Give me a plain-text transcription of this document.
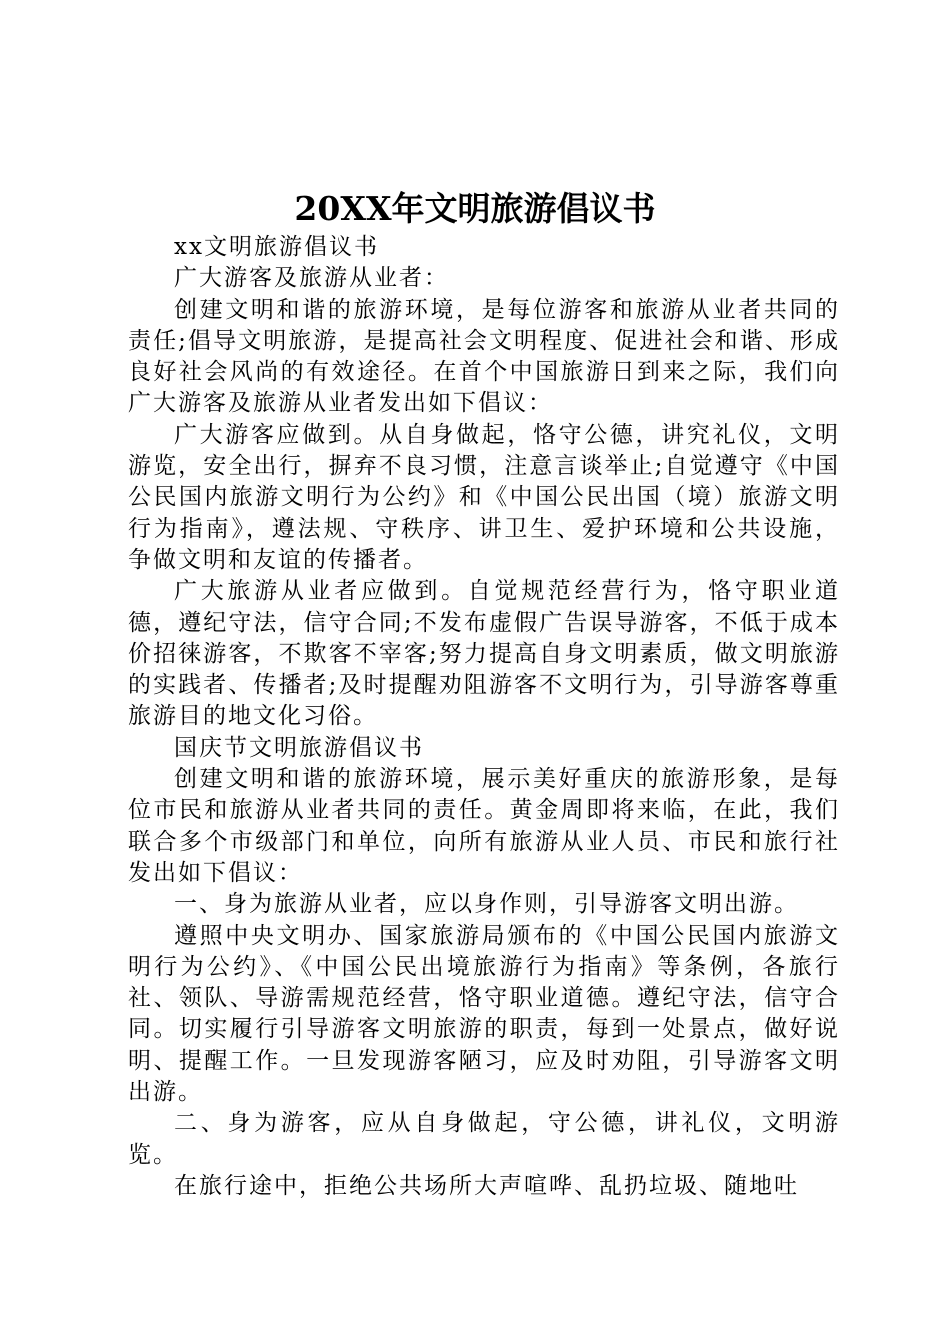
20XX年文明旅游倡议书

xx文明旅游倡议书

广大游客及旅游从业者：

创建文明和谐的旅游环境，是每位游客和旅游从业者共同的责任;倡导文明旅游，是提高社会文明程度、促进社会和谐、形成良好社会风尚的有效途径。在首个中国旅游日到来之际，我们向广大游客及旅游从业者发出如下倡议：

广大游客应做到。从自身做起，恪守公德，讲究礼仪，文明游览，安全出行，摒弃不良习惯，注意言谈举止;自觉遵守《中国公民国内旅游文明行为公约》和《中国公民出国（境）旅游文明行为指南》，遵法规、守秩序、讲卫生、爱护环境和公共设施，争做文明和友谊的传播者。

广大旅游从业者应做到。自觉规范经营行为，恪守职业道德，遵纪守法，信守合同;不发布虚假广告误导游客，不低于成本价招徕游客，不欺客不宰客;努力提高自身文明素质，做文明旅游的实践者、传播者;及时提醒劝阻游客不文明行为，引导游客尊重旅游目的地文化习俗。

国庆节文明旅游倡议书

创建文明和谐的旅游环境，展示美好重庆的旅游形象，是每位市民和旅游从业者共同的责任。黄金周即将来临，在此，我们联合多个市级部门和单位，向所有旅游从业人员、市民和旅行社发出如下倡议：

一、身为旅游从业者，应以身作则，引导游客文明出游。

遵照中央文明办、国家旅游局颁布的《中国公民国内旅游文明行为公约》、《中国公民出境旅游行为指南》等条例，各旅行社、领队、导游需规范经营，恪守职业道德。遵纪守法，信守合同。切实履行引导游客文明旅游的职责，每到一处景点，做好说明、提醒工作。一旦发现游客陋习，应及时劝阻，引导游客文明出游。

二、身为游客，应从自身做起，守公德，讲礼仪，文明游览。

在旅行途中，拒绝公共场所大声喧哗、乱扔垃圾、随地吐
